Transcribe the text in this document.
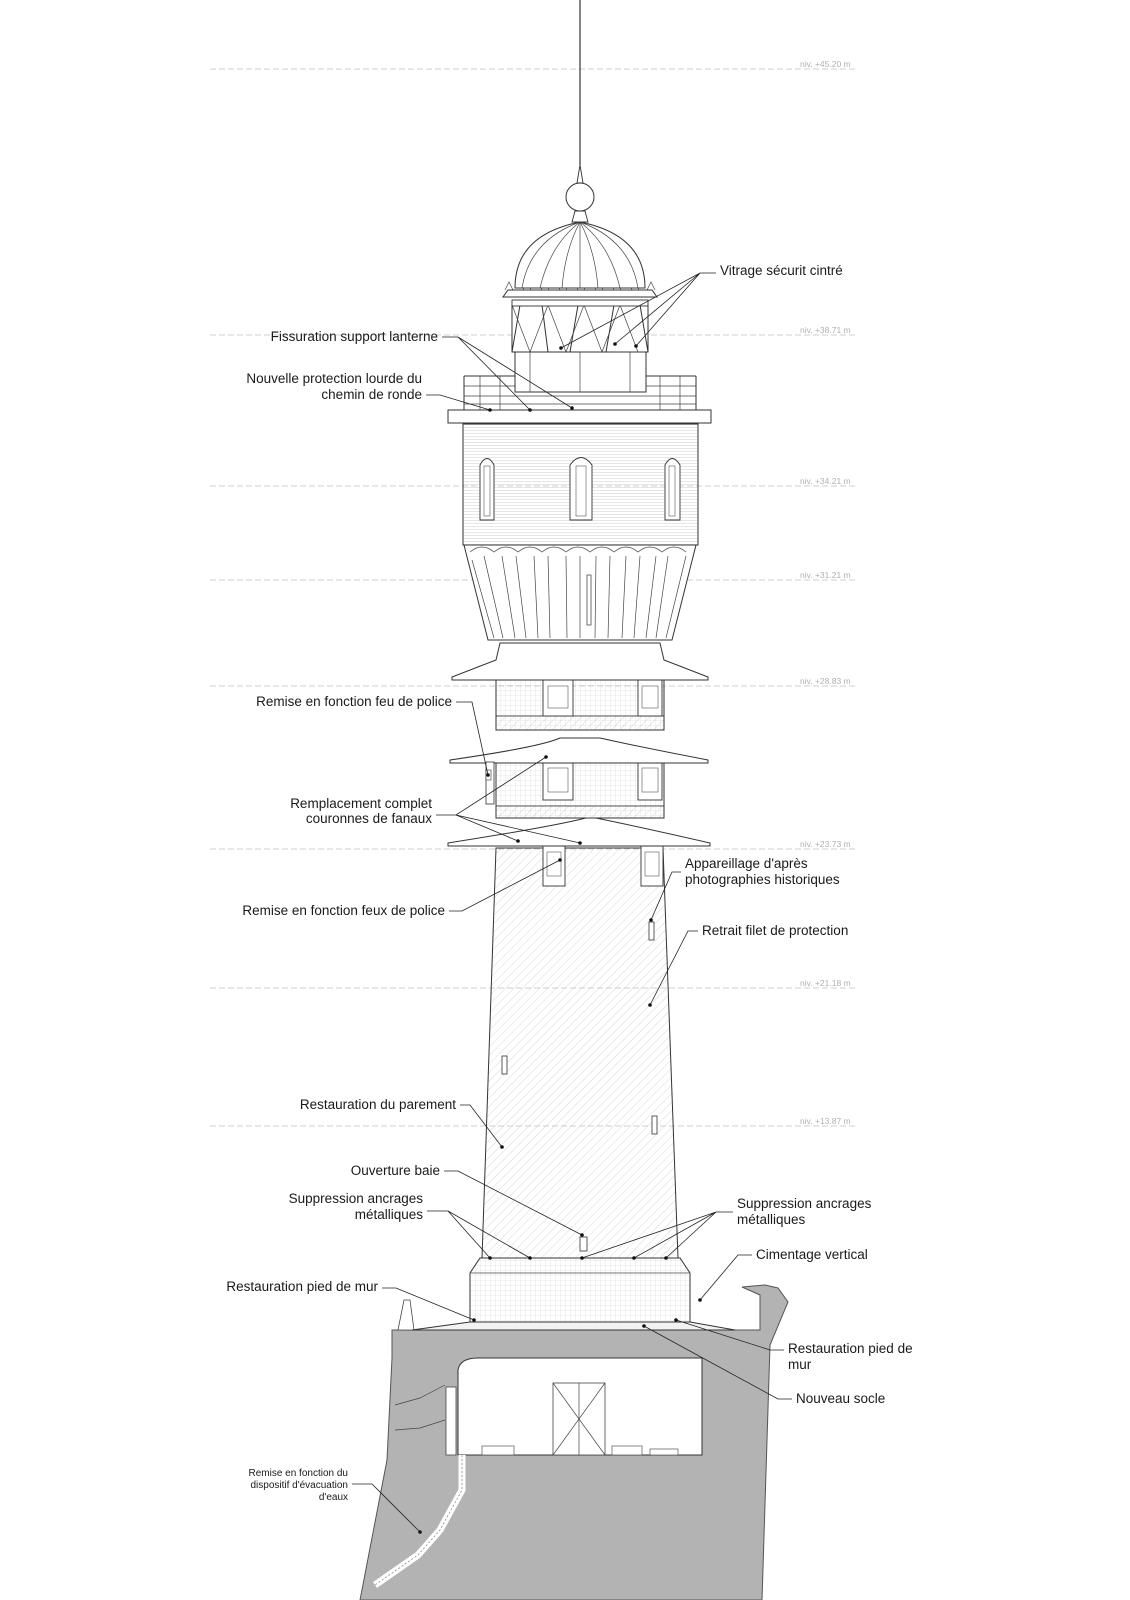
niv. +45.20 m
niv. +38.71 m
niv. +34.21 m
niv. +31.21 m
niv. +28.83 m
niv. +23.73 m
niv. +21.18 m
niv. +13.87 m
Vitrage sécurit cintré
Fissuration support lanterne
Nouvelle protection lourde du
chemin de ronde
Remise en fonction feu de police
Remplacement complet
couronnes de fanaux
Appareillage d'après
photographies historiques
Remise en fonction feux de police
Retrait filet de protection
Restauration du parement
Ouverture baie
Suppression ancrages
métalliques
Suppression ancrages
métalliques
Cimentage vertical
Restauration pied de mur
Restauration pied de
mur
Nouveau socle
Remise en fonction du
dispositif d'évacuation
d'eaux
